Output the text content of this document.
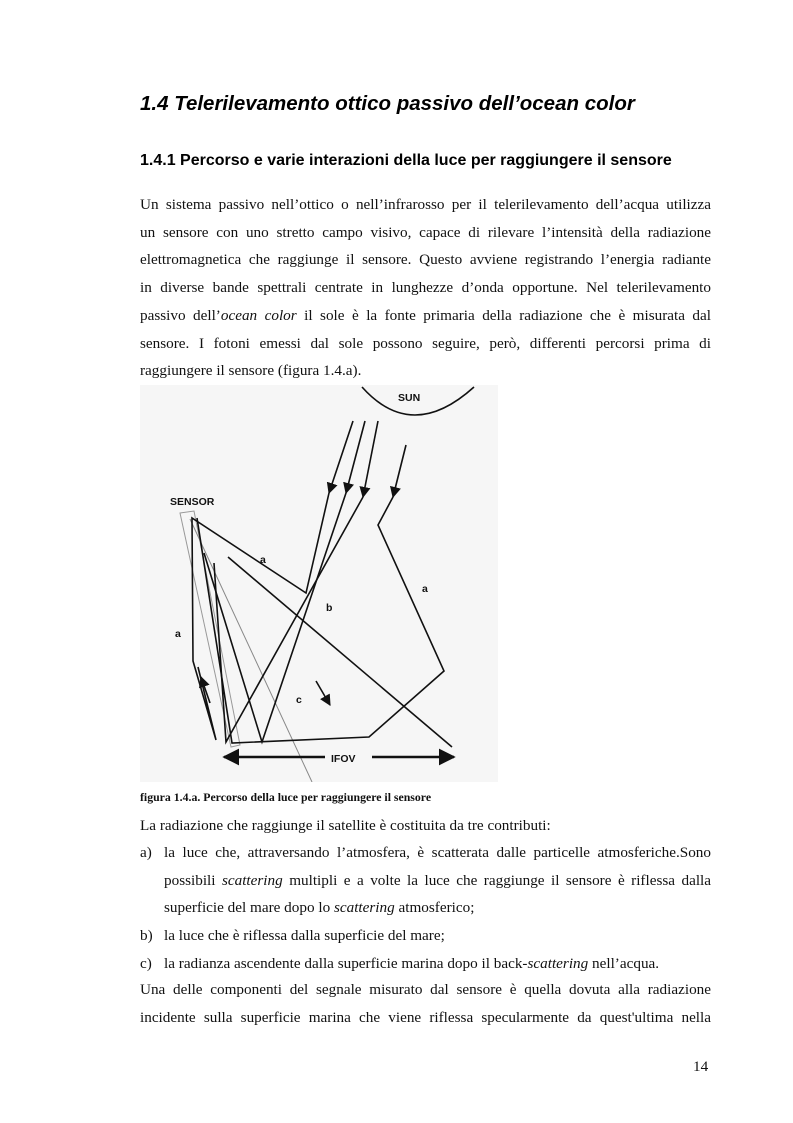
1.4 Telerilevamento ottico passivo dell’ocean color
1.4.1 Percorso e varie interazioni della luce per raggiungere il sensore
Un sistema passivo nell’ottico o nell’infrarosso per il telerilevamento dell’acqua utilizza
un sensore con uno stretto campo visivo, capace di rilevare l’intensità della radiazione
elettromagnetica che raggiunge il sensore. Questo avviene registrando l’energia radiante
in diverse bande spettrali centrate in lunghezze d’onda opportune. Nel telerilevamento
passivo dell’ocean color il sole è la fonte primaria della radiazione che è misurata dal
sensore. I fotoni emessi dal sole possono seguire, però, differenti percorsi prima di
raggiungere il sensore (figura 1.4.a).
SUN
SENSOR
a
a
a
b
c
IFOV
figura 1.4.a. Percorso della luce per raggiungere il sensore

La radiazione che raggiunge il satellite è costituita da tre contributi:

a) la luce che, attraversando l’atmosfera, è scatterata dalle particelle atmosferiche.Sono
possibili scattering multipli e a volte la luce che raggiunge il sensore è riflessa dalla
superficie del mare dopo lo scattering atmosferico;
b) la luce che è riflessa dalla superficie del mare;
c) la radianza ascendente dalla superficie marina dopo il back-scattering nell’acqua.
Una delle componenti del segnale misurato dal sensore è quella dovuta alla radiazione
incidente sulla superficie marina che viene riflessa specularmente da quest'ultima nella
14
